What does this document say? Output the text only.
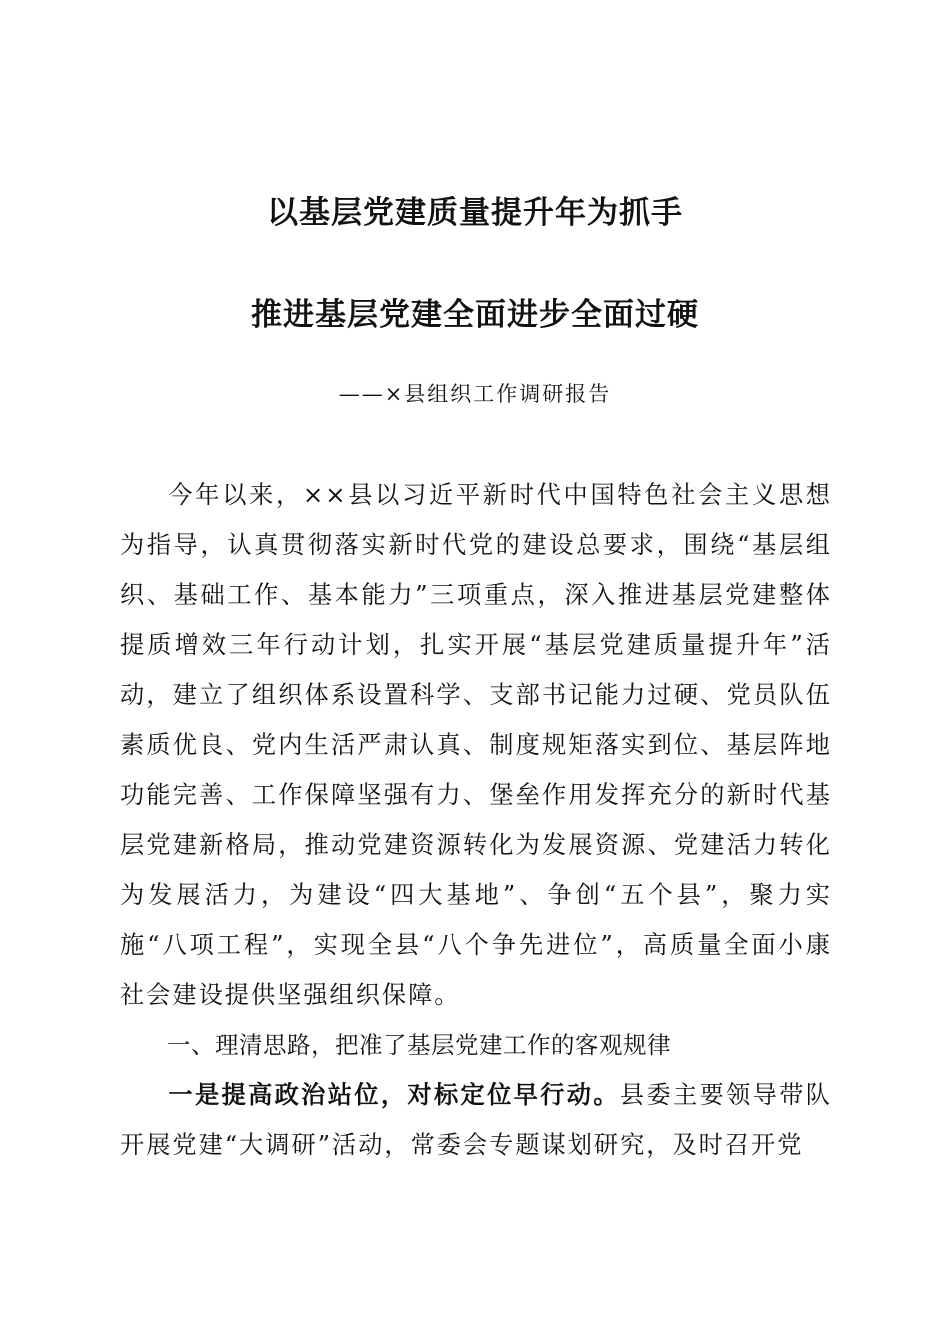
以基层党建质量提升年为抓手
推进基层党建全面进步全面过硬
——×县组织工作调研报告

今年以来，××县以习近平新时代中国特色社会主义思想为指导，认真贯彻落实新时代党的建设总要求，围绕“基层组织、基础工作、基本能力”三项重点，深入推进基层党建整体提质增效三年行动计划，扎实开展“基层党建质量提升年”活动，建立了组织体系设置科学、支部书记能力过硬、党员队伍素质优良、党内生活严肃认真、制度规矩落实到位、基层阵地功能完善、工作保障坚强有力、堡垒作用发挥充分的新时代基层党建新格局，推动党建资源转化为发展资源、党建活力转化为发展活力，为建设“四大基地”、争创“五个县”，聚力实施“八项工程”，实现全县“八个争先进位”，高质量全面小康社会建设提供坚强组织保障。

一、理清思路，把准了基层党建工作的客观规律

一是提高政治站位，对标定位早行动。县委主要领导带队开展党建“大调研”活动，常委会专题谋划研究，及时召开党
